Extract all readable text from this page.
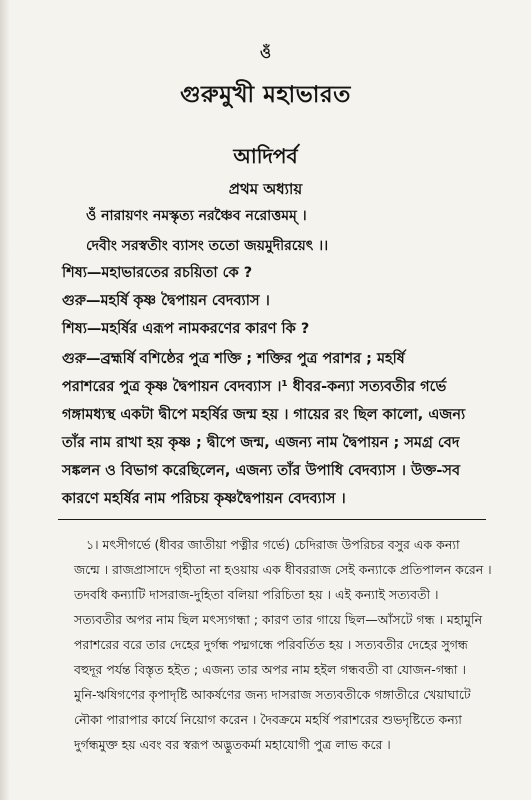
ওঁ
গুরুমুখী মহাভারত
আদিপর্ব
প্রথম অধ্যায়
ওঁ নারায়ণং নমস্কৃত্য নরঞ্চৈব নরোত্তমম্ ।
দেবীং সরস্বতীং ব্যাসং ততো জয়মুদীরয়েৎ ।।
শিষ্য—মহাভারতের রচয়িতা কে ?
গুরু—মহর্ষি কৃষ্ণ দ্বৈপায়ন বেদব্যাস ।
শিষ্য—মহর্ষির এরূপ নামকরণের কারণ কি ?
গুরু—ব্রহ্মর্ষি বশিষ্ঠের পুত্র শক্তি ; শক্তির পুত্র পরাশর ; মহর্ষি
পরাশরের পুত্র কৃষ্ণ দ্বৈপায়ন বেদব্যাস ।¹ ধীবর-কন্যা সত্যবতীর গর্ভে
গঙ্গামধ্যস্থ একটা দ্বীপে মহর্ষির জন্ম হয় । গায়ের রং ছিল কালো, এজন্য
তাঁর নাম রাখা হয় কৃষ্ণ ; দ্বীপে জন্ম, এজন্য নাম দ্বৈপায়ন ; সমগ্র বেদ
সঙ্কলন ও বিভাগ করেছিলেন, এজন্য তাঁর উপাধি বেদব্যাস । উক্ত-সব
কারণে মহর্ষির নাম পরিচয় কৃষ্ণদ্বৈপায়ন বেদব্যাস ।
১। মৎসীগর্ভে (ধীবর জাতীয়া পত্নীর গর্ভে) চেদিরাজ উপরিচর বসুর এক কন্যা
জন্মে । রাজপ্রাসাদে গৃহীতা না হওয়ায় এক ধীবররাজ সেই কন্যাকে প্রতিপালন করেন ।
তদবধি কন্যাটি দাসরাজ-দুহিতা বলিয়া পরিচিতা হয় । এই কন্যাই সত্যবতী ।
সত্যবতীর অপর নাম ছিল মৎস্যগন্ধা ; কারণ তার গায়ে ছিল—আঁসটে গন্ধ । মহামুনি
পরাশরের বরে তার দেহের দুর্গন্ধ পদ্মগন্ধে পরিবর্তিত হয় । সত্যবতীর দেহের সুগন্ধ
বহুদূর পর্যন্ত বিস্তৃত হইত ; এজন্য তার অপর নাম হইল গন্ধবতী বা যোজন-গন্ধা ।
মুনি-ঋষিগণের কৃপাদৃষ্টি আকর্ষণের জন্য দাসরাজ সত্যবতীকে গঙ্গাতীরে খেয়াঘাটে
নৌকা পারাপার কার্যে নিয়োগ করেন । দৈবক্রমে মহর্ষি পরাশরের শুভদৃষ্টিতে কন্যা
দুর্গন্ধমুক্ত হয় এবং বর স্বরূপ অদ্ভুতকর্মা মহাযোগী পুত্র লাভ করে ।
